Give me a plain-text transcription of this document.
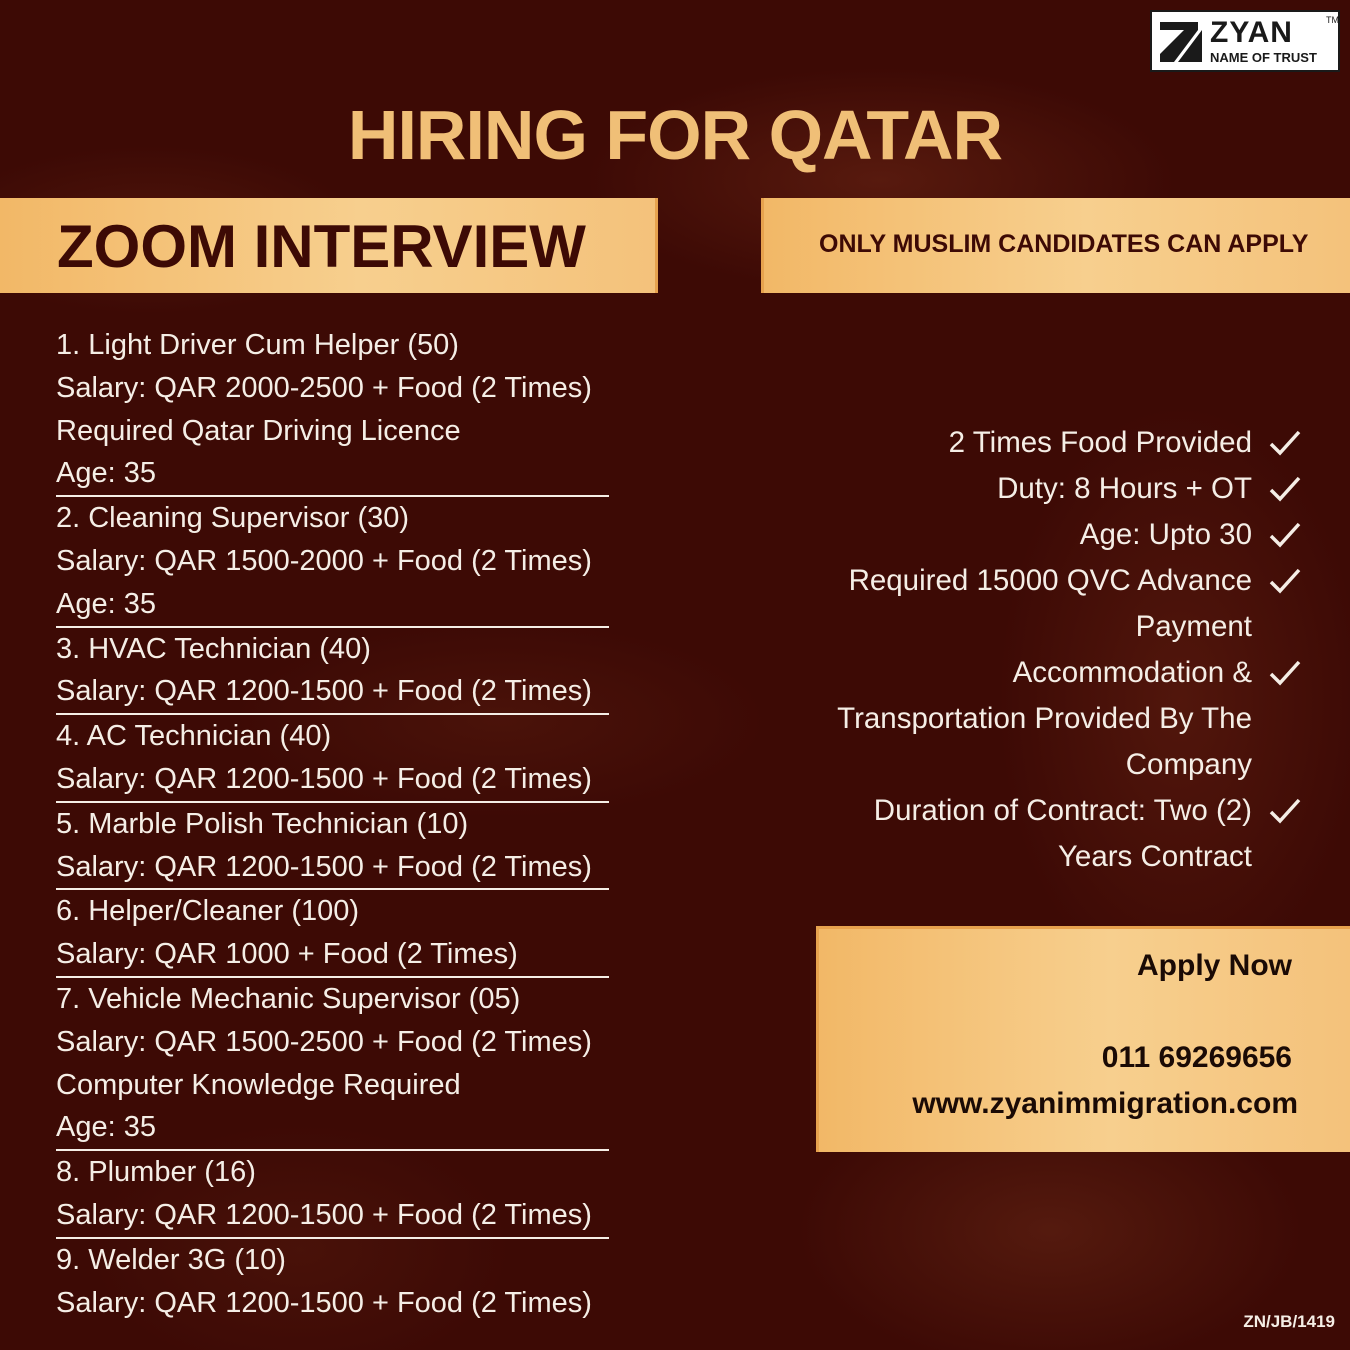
ZYAN	TM
NAME OF TRUST
HIRING FOR QATAR
ZOOM INTERVIEW	ONLY MUSLIM CANDIDATES CAN APPLY
1. Light Driver Cum Helper (50)
Salary: QAR 2000-2500 + Food (2 Times)
Required Qatar Driving Licence
Age: 35
2. Cleaning Supervisor (30)
Salary: QAR 1500-2000 + Food (2 Times)
Age: 35
3. HVAC Technician (40)
Salary: QAR 1200-1500 + Food (2 Times)
4. AC Technician (40)
Salary: QAR 1200-1500 + Food (2 Times)
5. Marble Polish Technician (10)
Salary: QAR 1200-1500 + Food (2 Times)
6. Helper/Cleaner (100)
Salary: QAR 1000 + Food (2 Times)
7. Vehicle Mechanic Supervisor (05)
Salary: QAR 1500-2500 + Food (2 Times)
Computer Knowledge Required
Age: 35
8. Plumber (16)
Salary: QAR 1200-1500 + Food (2 Times)
9. Welder 3G (10)
Salary: QAR 1200-1500 + Food (2 Times)
2 Times Food Provided
Duty: 8 Hours + OT
Age: Upto 30
Required 15000 QVC Advance
Payment
Accommodation &
Transportation Provided By The
Company
Duration of Contract: Two (2)
Years Contract
Apply Now
011 69269656
www.zyanimmigration.com
ZN/JB/1419
